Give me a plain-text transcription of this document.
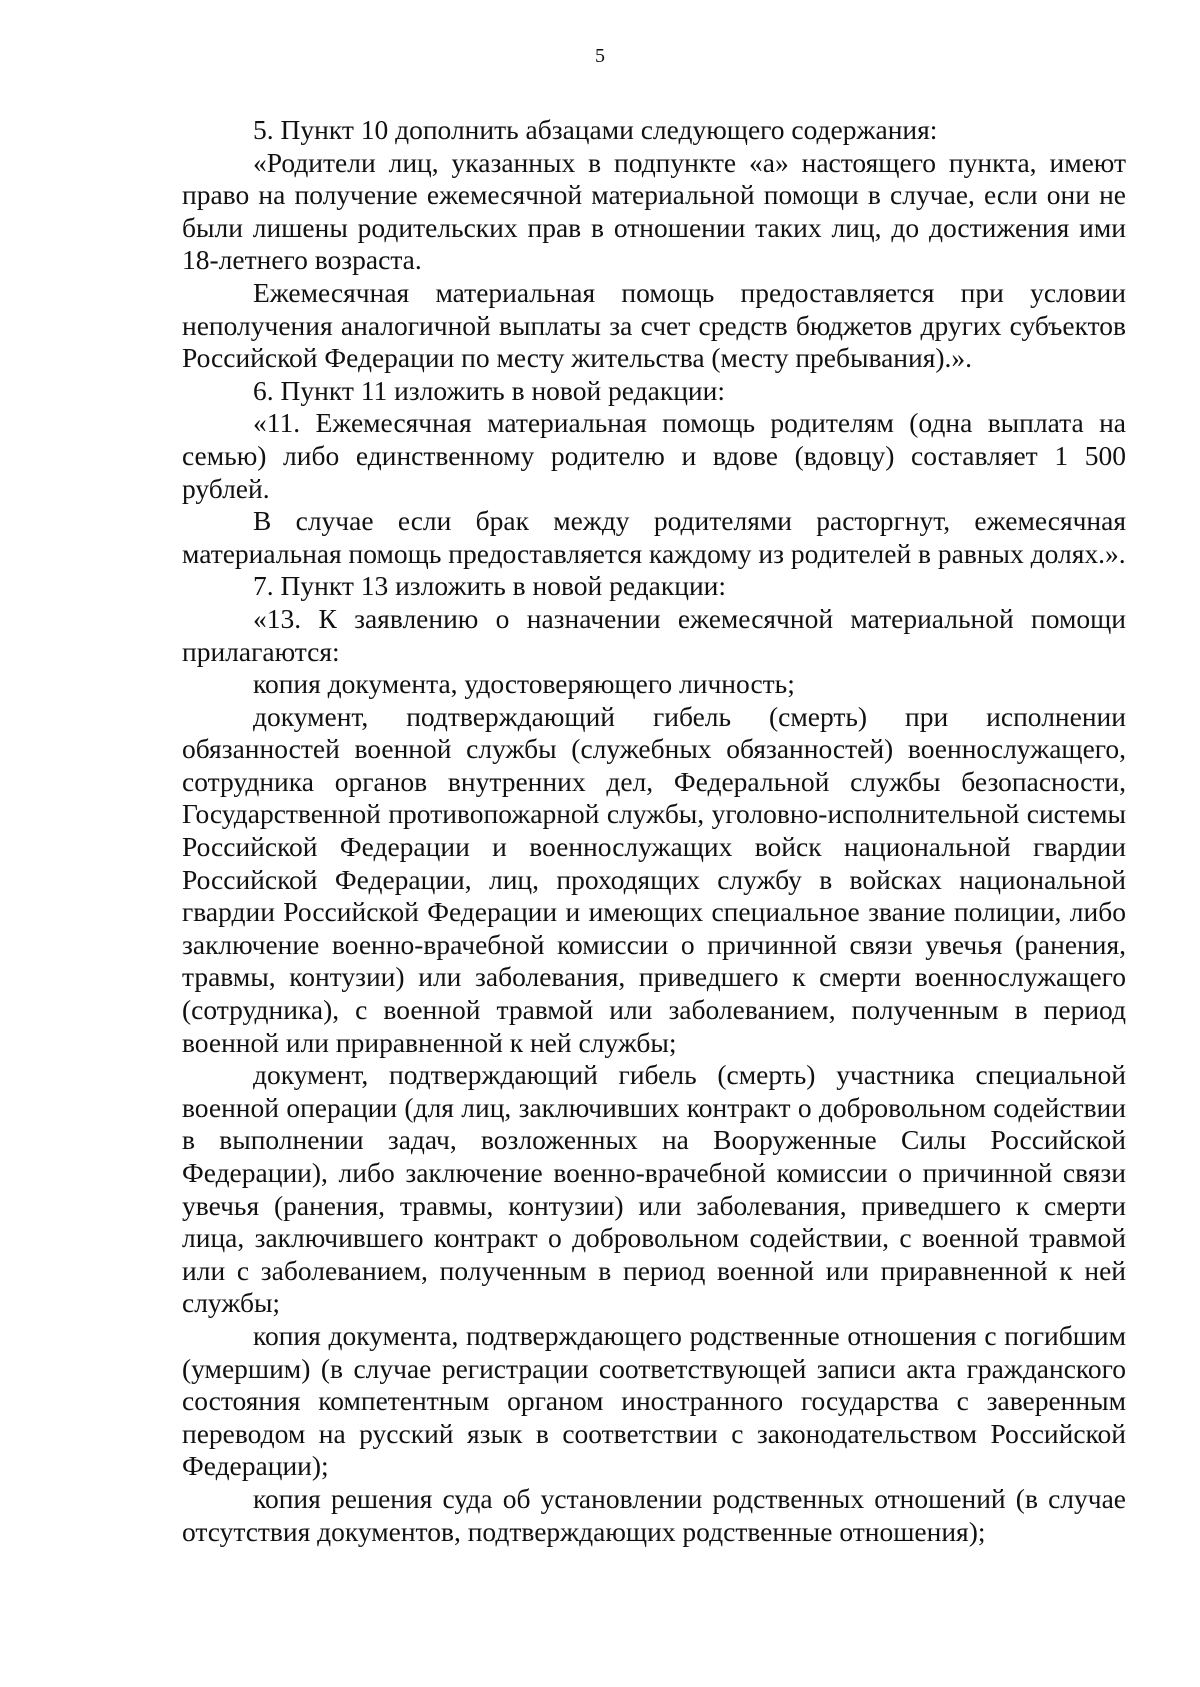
5

5. Пункт 10 дополнить абзацами следующего содержания:

«Родители лиц, указанных в подпункте «а» настоящего пункта, имеют право на получение ежемесячной материальной помощи в случае, если они не были лишены родительских прав в отношении таких лиц, до достижения ими 18-летнего возраста.

Ежемесячная материальная помощь предоставляется при условии неполучения аналогичной выплаты за счет средств бюджетов других субъектов Российской Федерации по месту жительства (месту пребывания).».

6. Пункт 11 изложить в новой редакции:

«11. Ежемесячная материальная помощь родителям (одна выплата на семью) либо единственному родителю и вдове (вдовцу) составляет 1 500 рублей.

В случае если брак между родителями расторгнут, ежемесячная материальная помощь предоставляется каждому из родителей в равных долях.».

7. Пункт 13 изложить в новой редакции:

«13. К заявлению о назначении ежемесячной материальной помощи прилагаются:

копия документа, удостоверяющего личность;

документ, подтверждающий гибель (смерть) при исполнении обязанностей военной службы (служебных обязанностей) военнослужащего, сотрудника органов внутренних дел, Федеральной службы безопасности, Государственной противопожарной службы, уголовно-исполнительной системы Российской Федерации и военнослужащих войск национальной гвардии Российской Федерации, лиц, проходящих службу в войсках национальной гвардии Российской Федерации и имеющих специальное звание полиции, либо заключение военно-врачебной комиссии о причинной связи увечья (ранения, травмы, контузии) или заболевания, приведшего к смерти военнослужащего (сотрудника), с военной травмой или заболеванием, полученным в период военной или приравненной к ней службы;

документ, подтверждающий гибель (смерть) участника специальной военной операции (для лиц, заключивших контракт о добровольном содействии в выполнении задач, возложенных на Вооруженные Силы Российской Федерации), либо заключение военно-врачебной комиссии о причинной связи увечья (ранения, травмы, контузии) или заболевания, приведшего к смерти лица, заключившего контракт о добровольном содействии, с военной травмой или с заболеванием, полученным в период военной или приравненной к ней службы;

копия документа, подтверждающего родственные отношения с погибшим (умершим) (в случае регистрации соответствующей записи акта гражданского состояния компетентным органом иностранного государства с заверенным переводом на русский язык в соответствии с законодательством Российской Федерации);

копия решения суда об установлении родственных отношений (в случае отсутствия документов, подтверждающих родственные отношения);
